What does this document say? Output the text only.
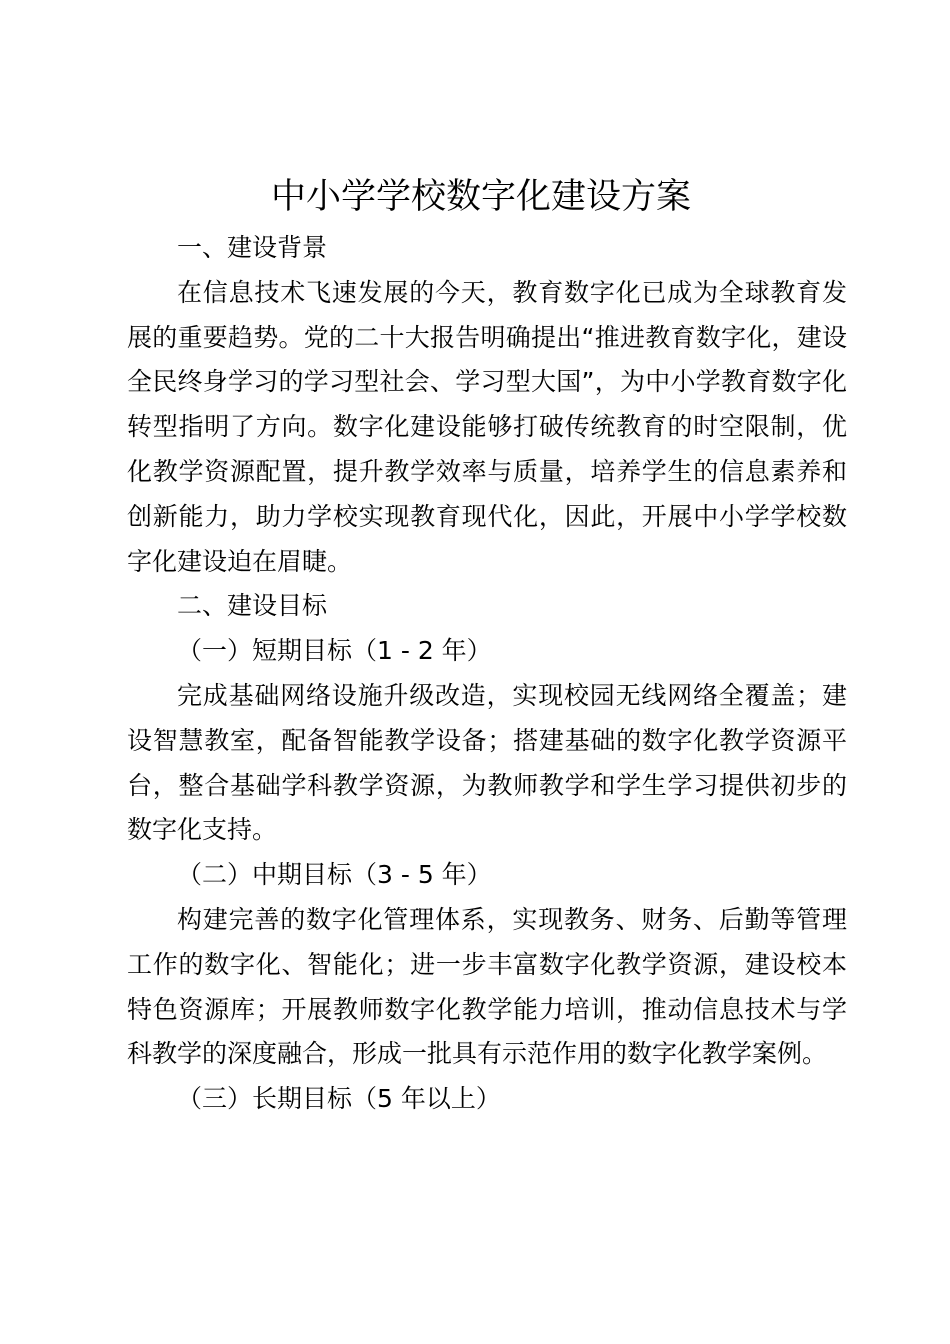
中小学学校数字化建设方案

一、建设背景

在信息技术飞速发展的今天，教育数字化已成为全球教育发展的重要趋势。党的二十大报告明确提出“推进教育数字化，建设全民终身学习的学习型社会、学习型大国”，为中小学教育数字化转型指明了方向。数字化建设能够打破传统教育的时空限制，优化教学资源配置，提升教学效率与质量，培养学生的信息素养和创新能力，助力学校实现教育现代化，因此，开展中小学学校数字化建设迫在眉睫。

二、建设目标

（一）短期目标（1 - 2 年）

完成基础网络设施升级改造，实现校园无线网络全覆盖；建设智慧教室，配备智能教学设备；搭建基础的数字化教学资源平台，整合基础学科教学资源，为教师教学和学生学习提供初步的数字化支持。

（二）中期目标（3 - 5 年）

构建完善的数字化管理体系，实现教务、财务、后勤等管理工作的数字化、智能化；进一步丰富数字化教学资源，建设校本特色资源库；开展教师数字化教学能力培训，推动信息技术与学科教学的深度融合，形成一批具有示范作用的数字化教学案例。

（三）长期目标（5 年以上）
